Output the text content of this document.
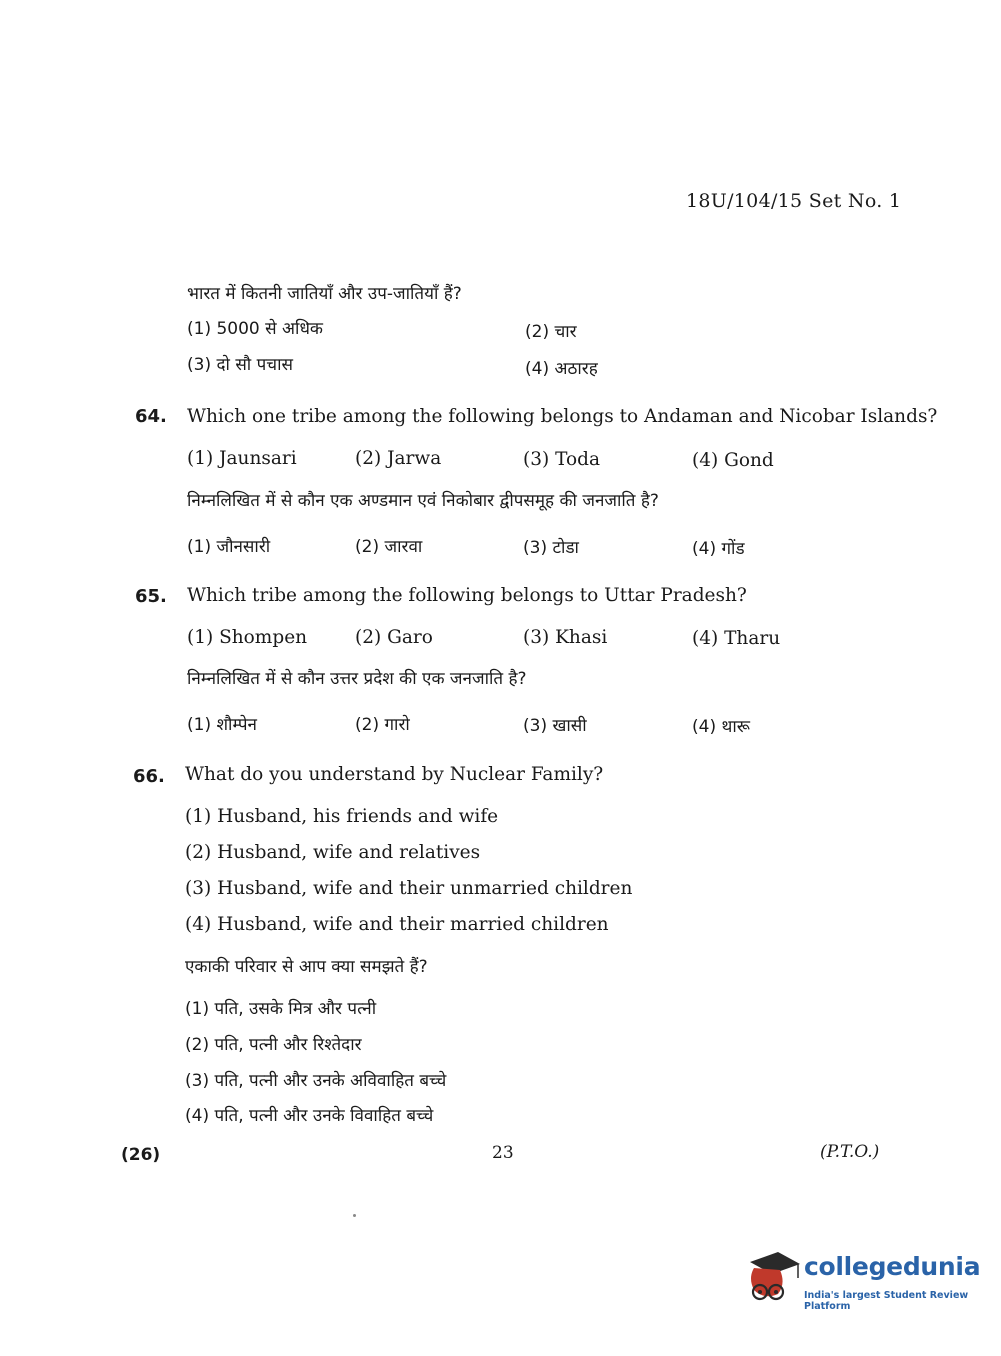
18U/104/15 Set No. 1
भारत में कितनी जातियाँ और उप-जातियाँ हैं?
(1) 5000 से अधिक	(2) चार
(3) दो सौ पचास	(4) अठारह
64. Which one tribe among the following belongs to Andaman and Nicobar Islands?
(1) Jaunsari	(2) Jarwa	(3) Toda	(4) Gond
निम्नलिखित में से कौन एक अण्डमान एवं निकोबार द्वीपसमूह की जनजाति है?
(1) जौनसारी	(2) जारवा	(3) टोडा	(4) गोंड
65. Which tribe among the following belongs to Uttar Pradesh?
(1) Shompen	(2) Garo	(3) Khasi	(4) Tharu
निम्नलिखित में से कौन उत्तर प्रदेश की एक जनजाति है?
(1) शौम्पेन	(2) गारो	(3) खासी	(4) थारू
66. What do you understand by Nuclear Family?
(1) Husband, his friends and wife
(2) Husband, wife and relatives
(3) Husband, wife and their unmarried children
(4) Husband, wife and their married children
एकाकी परिवार से आप क्या समझते हैं?
(1) पति, उसके मित्र और पत्नी
(2) पति, पत्नी और रिश्तेदार
(3) पति, पत्नी और उनके अविवाहित बच्चे
(4) पति, पत्नी और उनके विवाहित बच्चे
(26)	23	(P.T.O.)
collegedunia
India's largest Student Review Platform
